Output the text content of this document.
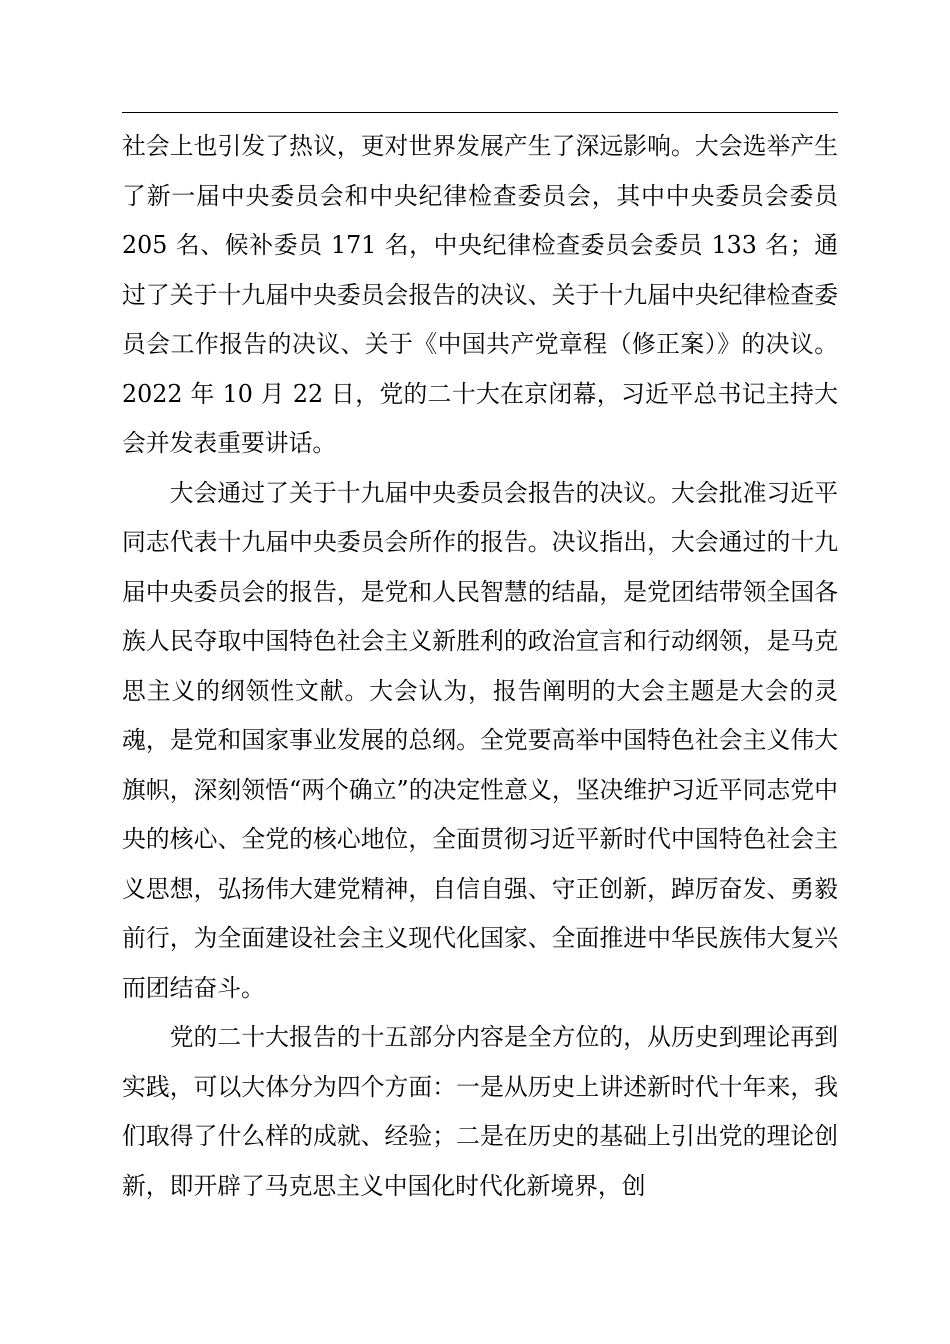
社会上也引发了热议，更对世界发展产生了深远影响。大会选举产生了新一届中央委员会和中央纪律检查委员会，其中中央委员会委员 205 名、候补委员 171 名，中央纪律检查委员会委员 133 名；通过了关于十九届中央委员会报告的决议、关于十九届中央纪律检查委员会工作报告的决议、关于《中国共产党章程（修正案）》的决议。2022 年 10 月 22 日，党的二十大在京闭幕，习近平总书记主持大会并发表重要讲话。

大会通过了关于十九届中央委员会报告的决议。大会批准习近平同志代表十九届中央委员会所作的报告。决议指出，大会通过的十九届中央委员会的报告，是党和人民智慧的结晶，是党团结带领全国各族人民夺取中国特色社会主义新胜利的政治宣言和行动纲领，是马克思主义的纲领性文献。大会认为，报告阐明的大会主题是大会的灵魂，是党和国家事业发展的总纲。全党要高举中国特色社会主义伟大旗帜，深刻领悟“两个确立”的决定性意义，坚决维护习近平同志党中央的核心、全党的核心地位，全面贯彻习近平新时代中国特色社会主义思想，弘扬伟大建党精神，自信自强、守正创新，踔厉奋发、勇毅前行，为全面建设社会主义现代化国家、全面推进中华民族伟大复兴而团结奋斗。

党的二十大报告的十五部分内容是全方位的，从历史到理论再到实践，可以大体分为四个方面：一是从历史上讲述新时代十年来，我们取得了什么样的成就、经验；二是在历史的基础上引出党的理论创新，即开辟了马克思主义中国化时代化新境界，创
